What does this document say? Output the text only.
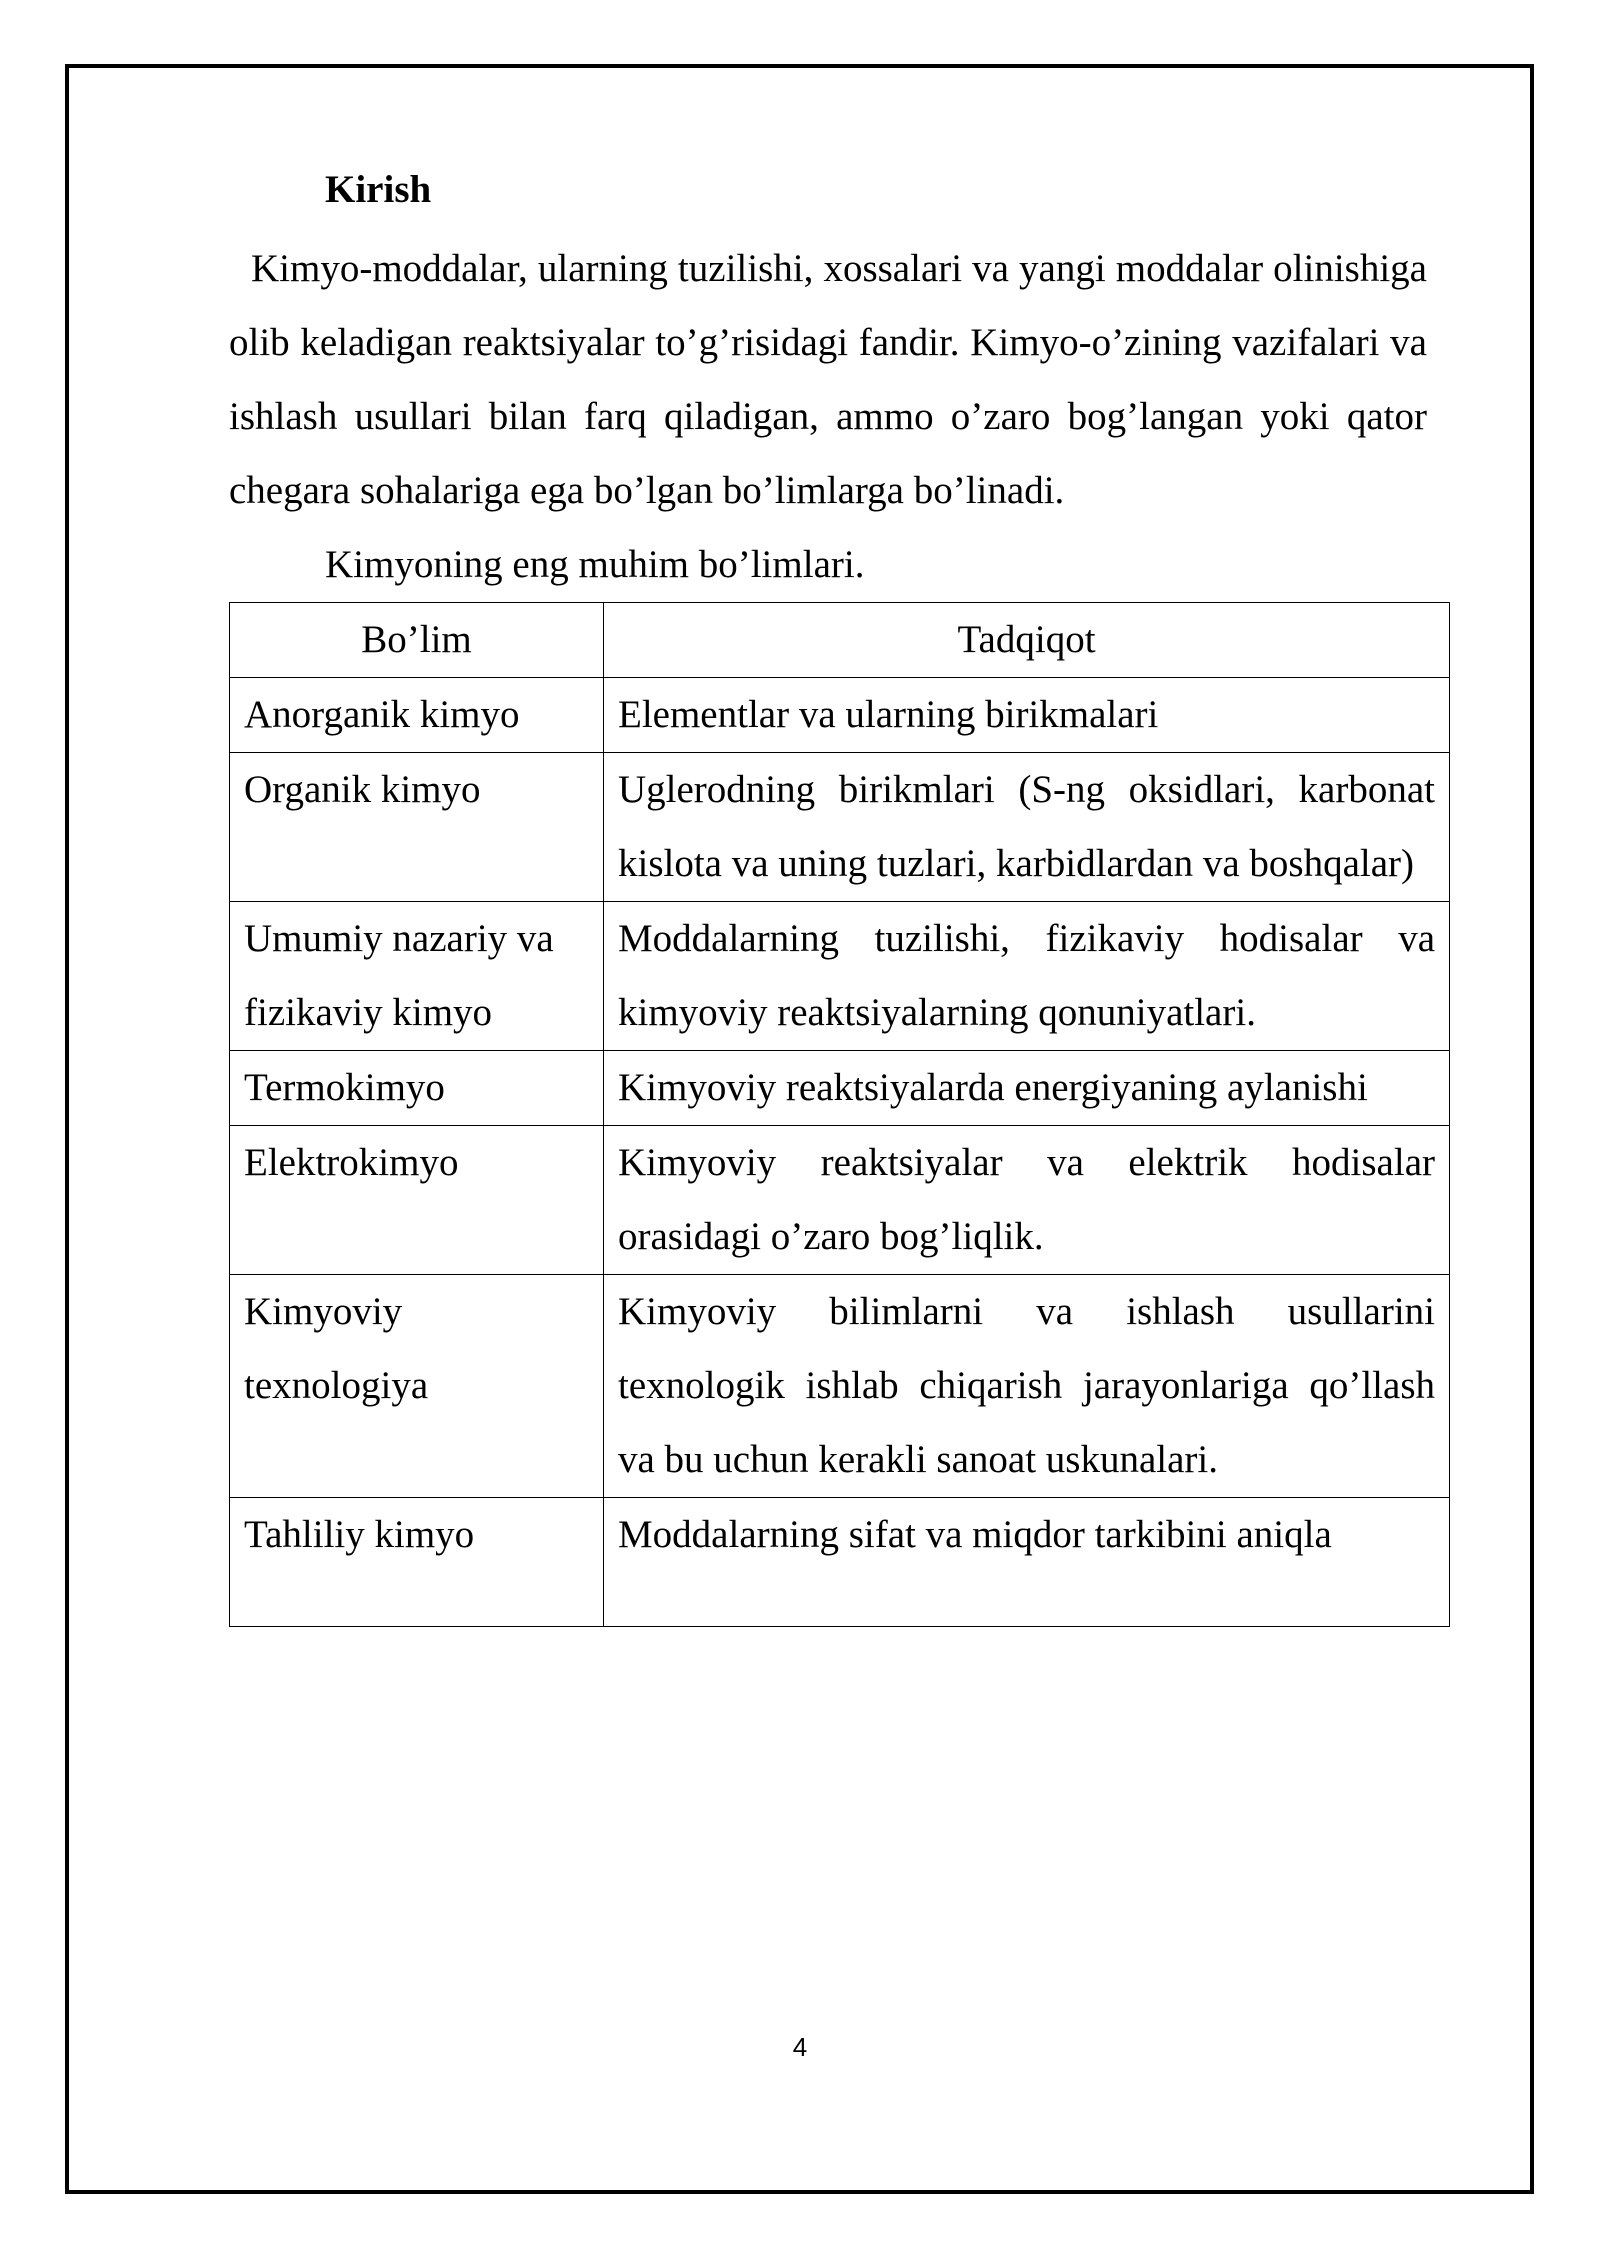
Kirish

Kimyo-moddalar, ularning tuzilishi, xossalari va yangi moddalar olinishiga olib keladigan reaktsiyalar to’g’risidagi fandir. Kimyo-o’zining vazifalari va ishlash usullari bilan farq qiladigan, ammo o’zaro bog’langan yoki qator chegara sohalariga ega bo’lgan bo’limlarga bo’linadi.

Kimyoning eng muhim bo’limlari.

Bo’lim	Tadqiqot
Anorganik kimyo	Elementlar va ularning birikmalari
Organik kimyo	Uglerodning birikmlari (S-ng oksidlari, karbonat kislota va uning tuzlari, karbidlardan va boshqalar)
Umumiy nazariy va fizikaviy kimyo	Moddalarning tuzilishi, fizikaviy hodisalar va kimyoviy reaktsiyalarning qonuniyatlari.
Termokimyo	Kimyoviy reaktsiyalarda energiyaning aylanishi
Elektrokimyo	Kimyoviy reaktsiyalar va elektrik hodisalar orasidagi o’zaro bog’liqlik.
Kimyoviy texnologiya	Kimyoviy bilimlarni va ishlash usullarini texnologik ishlab chiqarish jarayonlariga qo’llash va bu uchun kerakli sanoat uskunalari.
Tahliliy kimyo	Moddalarning sifat va miqdor tarkibini aniqla
4
